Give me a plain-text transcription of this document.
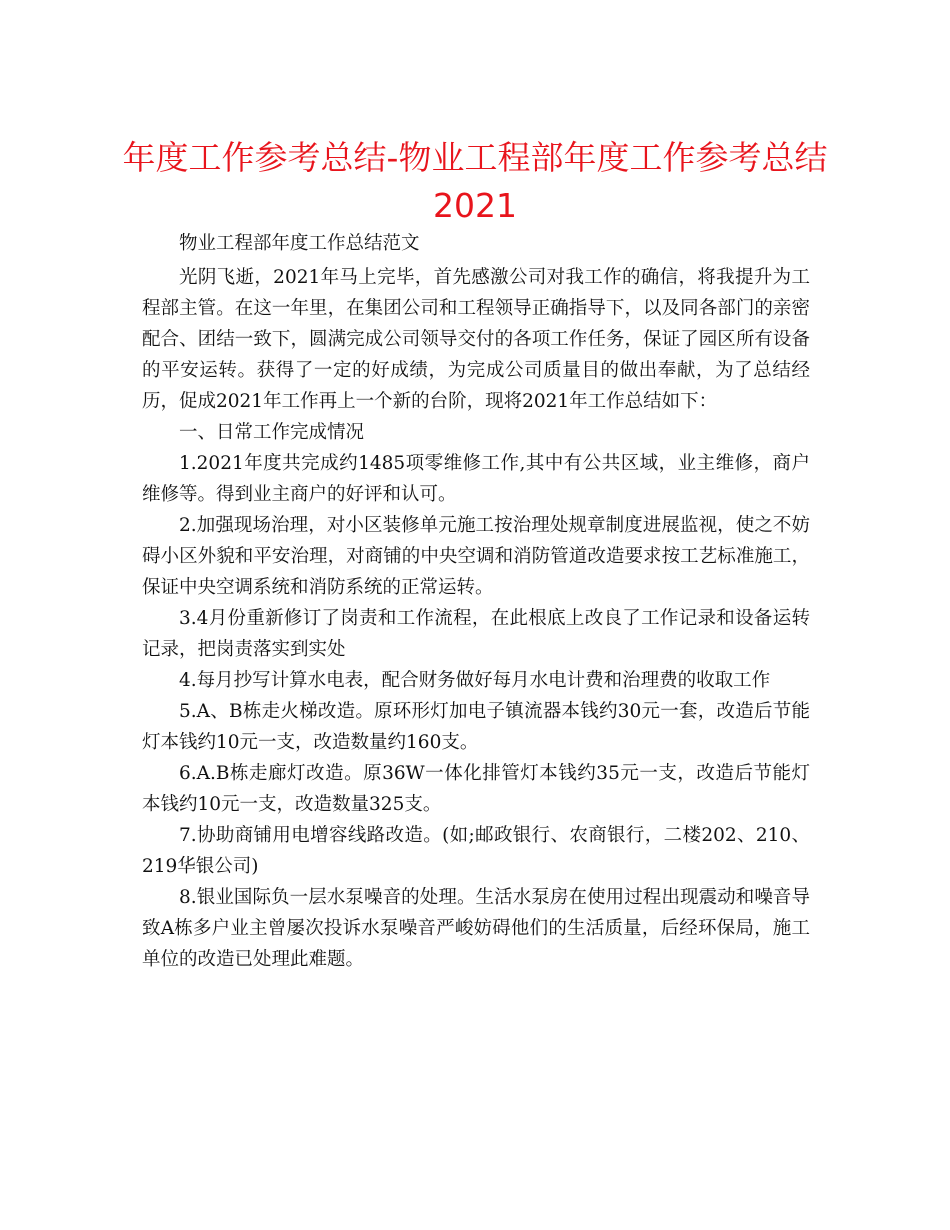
年度工作参考总结-物业工程部年度工作参考总结2021

物业工程部年度工作总结范文

光阴飞逝，2021年马上完毕，首先感激公司对我工作的确信，将我提升为工程部主管。在这一年里，在集团公司和工程领导正确指导下，以及同各部门的亲密配合、团结一致下，圆满完成公司领导交付的各项工作任务，保证了园区所有设备的平安运转。获得了一定的好成绩，为完成公司质量目的做出奉献，为了总结经历，促成2021年工作再上一个新的台阶，现将2021年工作总结如下：

一、日常工作完成情况

1.2021年度共完成约1485项零维修工作,其中有公共区域，业主维修，商户维修等。得到业主商户的好评和认可。

2.加强现场治理，对小区装修单元施工按治理处规章制度进展监视，使之不妨碍小区外貌和平安治理，对商铺的中央空调和消防管道改造要求按工艺标准施工，保证中央空调系统和消防系统的正常运转。

3.4月份重新修订了岗责和工作流程，在此根底上改良了工作记录和设备运转记录，把岗责落实到实处

4.每月抄写计算水电表，配合财务做好每月水电计费和治理费的收取工作

5.A、B栋走火梯改造。原环形灯加电子镇流器本钱约30元一套，改造后节能灯本钱约10元一支，改造数量约160支。

6.A.B栋走廊灯改造。原36W一体化排管灯本钱约35元一支，改造后节能灯本钱约10元一支，改造数量325支。

7.协助商铺用电增容线路改造。(如;邮政银行、农商银行，二楼202、210、219华银公司)

8.银业国际负一层水泵噪音的处理。生活水泵房在使用过程出现震动和噪音导致A栋多户业主曾屡次投诉水泵噪音严峻妨碍他们的生活质量，后经环保局，施工单位的改造已处理此难题。
